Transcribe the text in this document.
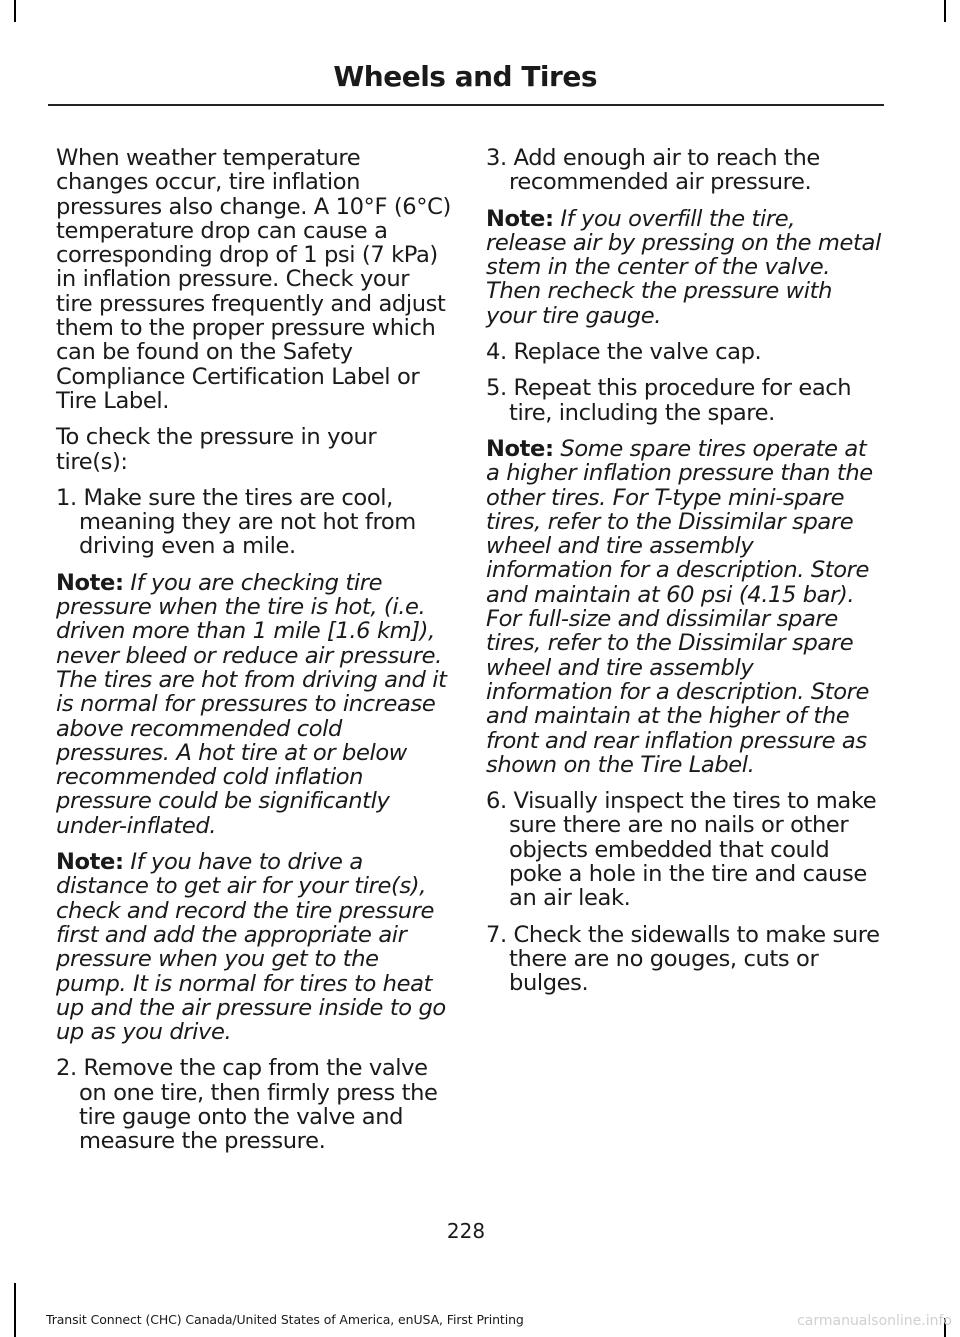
Wheels and Tires

When weather temperature changes occur, tire inflation pressures also change. A 10°F (6°C) temperature drop can cause a corresponding drop of 1 psi (7 kPa) in inflation pressure. Check your tire pressures frequently and adjust them to the proper pressure which can be found on the Safety Compliance Certification Label or Tire Label.

To check the pressure in your tire(s):

1. Make sure the tires are cool, meaning they are not hot from driving even a mile.

Note: If you are checking tire pressure when the tire is hot, (i.e. driven more than 1 mile [1.6 km]), never bleed or reduce air pressure. The tires are hot from driving and it is normal for pressures to increase above recommended cold pressures. A hot tire at or below recommended cold inflation pressure could be significantly under-inflated.

Note: If you have to drive a distance to get air for your tire(s), check and record the tire pressure first and add the appropriate air pressure when you get to the pump. It is normal for tires to heat up and the air pressure inside to go up as you drive.

2. Remove the cap from the valve on one tire, then firmly press the tire gauge onto the valve and measure the pressure.

3. Add enough air to reach the recommended air pressure.

Note: If you overfill the tire, release air by pressing on the metal stem in the center of the valve. Then recheck the pressure with your tire gauge.

4. Replace the valve cap.

5. Repeat this procedure for each tire, including the spare.

Note: Some spare tires operate at a higher inflation pressure than the other tires. For T-type mini-spare tires, refer to the Dissimilar spare wheel and tire assembly information for a description. Store and maintain at 60 psi (4.15 bar). For full-size and dissimilar spare tires, refer to the Dissimilar spare wheel and tire assembly information for a description. Store and maintain at the higher of the front and rear inflation pressure as shown on the Tire Label.

6. Visually inspect the tires to make sure there are no nails or other objects embedded that could poke a hole in the tire and cause an air leak.

7. Check the sidewalls to make sure there are no gouges, cuts or bulges.

228
Transit Connect (CHC) Canada/United States of America, enUSA, First Printing	carmanualsonline.info
